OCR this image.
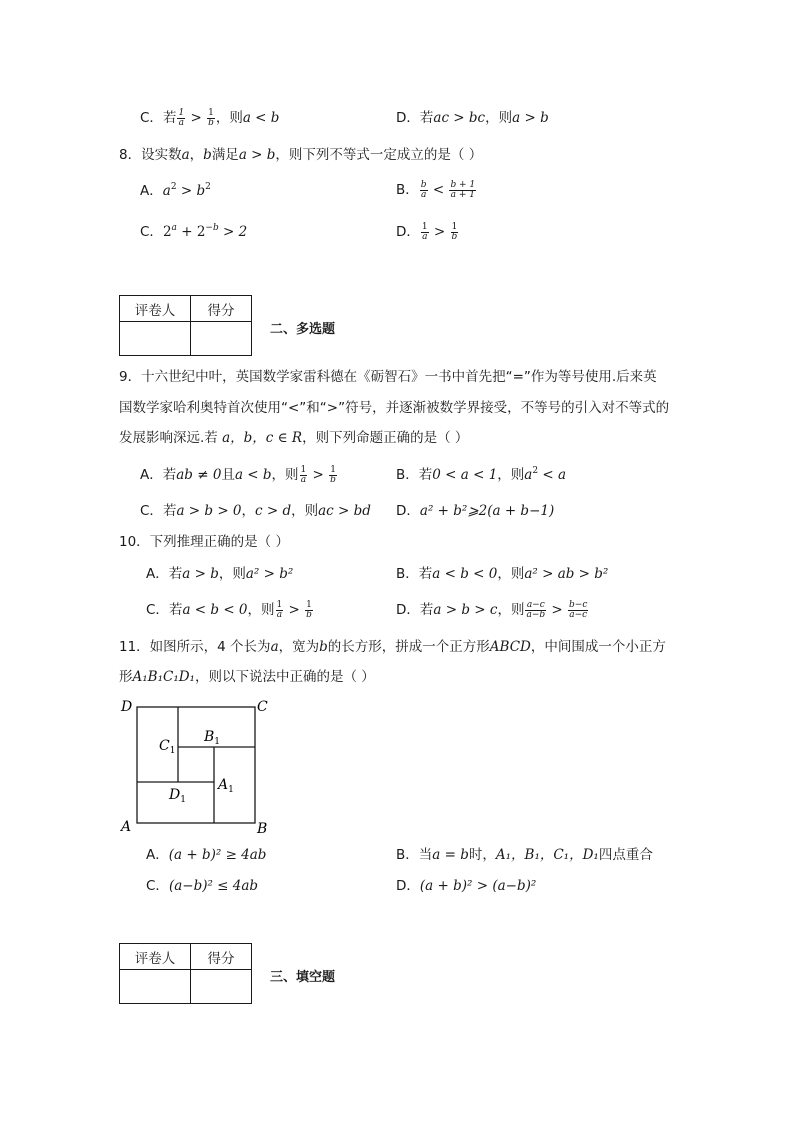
C．若 $\frac{1}{a} > \frac{1}{b}$ ，则a < b	D．若ac > bc，则a > b
8．设实数a，b满足a > b，则下列不等式一定成立的是（ ）
A．$a^2 > b^2$	B． $\frac{b}{a} < \frac{b + 1}{a + 1}$
C．$2^a + 2^{-b} > 2$	D． $\frac{1}{a} > \frac{1}{b}$
评卷人	得分

二、多选题
9．十六世纪中叶，英国数学家雷科德在《砺智石》一书中首先把“=”作为等号使用.后来英
国数学家哈利奥特首次使用“<”和“>”符号，并逐渐被数学界接受，不等号的引入对不等式的
发展影响深远.若 a，b，c ∈ R，则下列命题正确的是（ ）
A．若ab ≠ 0且a < b，则 $\frac{1}{a} > \frac{1}{b}$	B．若0 < a < 1，则$a^2 < a$
C．若a > b > 0，c > d，则ac > bd D．a² + b²⩾2(a + b−1)
10．下列推理正确的是（ ）
A．若a > b，则a² > b²	B．若a < b < 0，则a² > ab > b²
C．若a < b < 0，则 $\frac{1}{a} > \frac{1}{b}$	D．若a > b > c，则 $\frac{a-c}{a-b} > \frac{b-c}{a-c}$
11．如图所示，4 个长为a，宽为b的长方形，拼成一个正方形ABCD，中间围成一个小正方
形A₁B₁C₁D₁，则以下说法中正确的是（ ）
D	C
A	B
$C_1$
$B_1$
$A_1$
$D_1$
A．(a + b)² ≥ 4ab	B．当a = b时，A₁，B₁，C₁，D₁四点重合
C．(a−b)² ≤ 4ab	D．(a + b)² > (a−b)²
评卷人	得分

三、填空题
